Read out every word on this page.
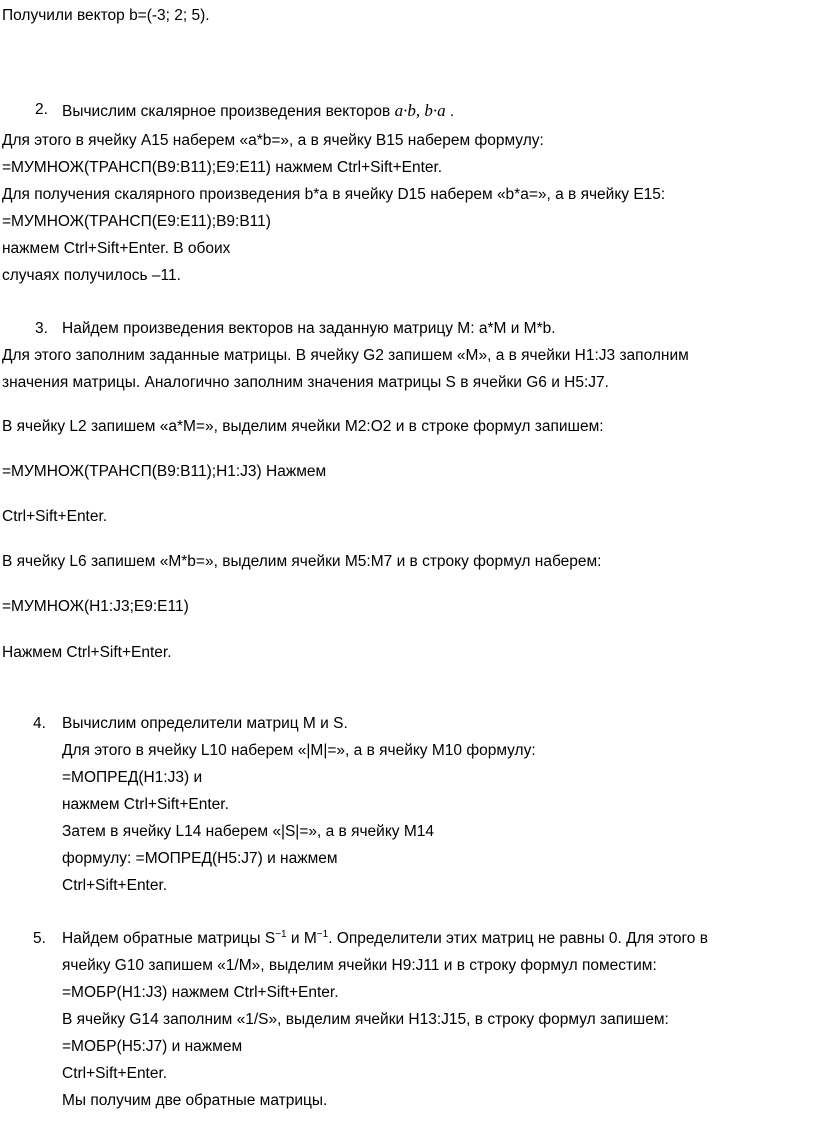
Получили вектор b=(-3; 2; 5).
2. Вычислим скалярное произведения векторов a·b, b·a .
Для этого в ячейку А15 наберем «a*b=», а в ячейку В15 наберем формулу:
=МУМНОЖ(ТРАНСП(B9:B11);E9:E11) нажмем Ctrl+Sift+Enter.
Для получения скалярного произведения b*a в ячейку D15 наберем «b*a=», а в ячейку E15:
=МУМНОЖ(ТРАНСП(E9:E11);B9:B11)
нажмем Ctrl+Sift+Enter. В обоих
случаях получилось –11.
3. Найдем произведения векторов на заданную матрицу М: a*M и M*b.
Для этого заполним заданные матрицы. В ячейку G2 запишем «М», а в ячейки H1:J3 заполним
значения матрицы. Аналогично заполним значения матрицы S в ячейки G6 и H5:J7.
В ячейку L2 запишем «a*M=», выделим ячейки M2:O2 и в строке формул запишем:
=МУМНОЖ(ТРАНСП(B9:B11);H1:J3) Нажмем
Ctrl+Sift+Enter.
В ячейку L6 запишем «M*b=», выделим ячейки M5:M7 и в строку формул наберем:
=МУМНОЖ(H1:J3;E9:E11)
Нажмем Ctrl+Sift+Enter.
4. Вычислим определители матриц М и S.
Для этого в ячейку L10 наберем «|M|=», а в ячейку M10 формулу:
=МОПРЕД(H1:J3) и
нажмем Ctrl+Sift+Enter.
Затем в ячейку L14 наберем «|S|=», а в ячейку M14
формулу: =МОПРЕД(H5:J7) и нажмем
Ctrl+Sift+Enter.
5. Найдем обратные матрицы $S^{-1}$ и $M^{-1}$. Определители этих матриц не равны 0. Для этого в
ячейку G10 запишем «1/M», выделим ячейки H9:J11 и в строку формул поместим:
=МОБР(H1:J3) нажмем Ctrl+Sift+Enter.
В ячейку G14 заполним «1/S», выделим ячейки H13:J15, в строку формул запишем:
=МОБР(H5:J7) и нажмем
Ctrl+Sift+Enter.
Мы получим две обратные матрицы.
